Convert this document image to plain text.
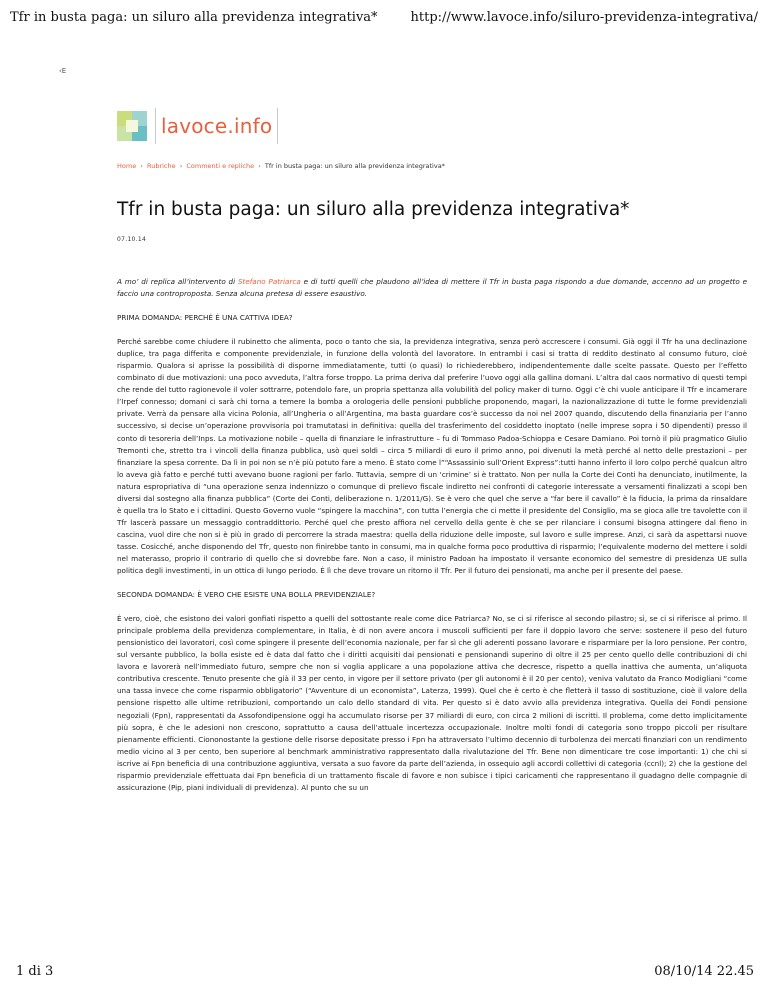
Tfr in busta paga: un siluro alla previdenza integrativa*	http://www.lavoce.info/siluro-previdenza-integrativa/
‹E
lavoce.info
Home › Rubriche › Commenti e repliche › Tfr in busta paga: un siluro alla previdenza integrativa*
Tfr in busta paga: un siluro alla previdenza integrativa*
07.10.14

A mo’ di replica all’intervento di Stefano Patriarca e di tutti quelli che plaudono all’idea di mettere il Tfr in busta paga rispondo a due domande, accenno ad un progetto e faccio una controproposta. Senza alcuna pretesa di essere esaustivo.

PRIMA DOMANDA: PERCHÉ È UNA CATTIVA IDEA?

Perché sarebbe come chiudere il rubinetto che alimenta, poco o tanto che sia, la previdenza integrativa, senza però accrescere i consumi. Già oggi il Tfr ha una declinazione duplice, tra paga differita e componente previdenziale, in funzione della volontà del lavoratore. In entrambi i casi si tratta di reddito destinato al consumo futuro, cioè risparmio. Qualora si aprisse la possibilità di disporne immediatamente, tutti (o quasi) lo richiederebbero, indipendentemente dalle scelte passate. Questo per l’effetto combinato di due motivazioni: una poco avveduta, l’altra forse troppo. La prima deriva dal preferire l’uovo oggi alla gallina domani. L’altra dal caos normativo di questi tempi che rende del tutto ragionevole il voler sottrarre, potendolo fare, un propria spettanza alla volubilità del policy maker di turno. Oggi c’è chi vuole anticipare il Tfr e incamerare l’Irpef connesso; domani ci sarà chi torna a temere la bomba a orologeria delle pensioni pubbliche proponendo, magari, la nazionalizzazione di tutte le forme previdenziali private. Verrà da pensare alla vicina Polonia, all’Ungheria o all’Argentina, ma basta guardare cos’è successo da noi nel 2007 quando, discutendo della finanziaria per l’anno successivo, si decise un’operazione provvisoria poi tramutatasi in definitiva: quella del trasferimento del cosiddetto inoptato (nelle imprese sopra i 50 dipendenti) presso il conto di tesoreria dell’Inps. La motivazione nobile – quella di finanziare le infrastrutture – fu di Tommaso Padoa-Schioppa e Cesare Damiano. Poi tornò il più pragmatico Giulio Tremonti che, stretto tra i vincoli della finanza pubblica, usò quei soldi – circa 5 miliardi di euro il primo anno, poi divenuti la metà perché al netto delle prestazioni – per finanziare la spesa corrente. Da lì in poi non se n’è più potuto fare a meno. È stato come l”“Assassinio sull’Orient Express”:tutti hanno inferto il loro colpo perché qualcun altro lo aveva già fatto e perché tutti avevano buone ragioni per farlo. Tuttavia, sempre di un ‘crimine’ si è trattato. Non per nulla la Corte dei Conti ha denunciato, inutilmente, la natura espropriativa di “una operazione senza indennizzo o comunque di prelievo fiscale indiretto nei confronti di categorie interessate a versamenti finalizzati a scopi ben diversi dal sostegno alla finanza pubblica” (Corte dei Conti, deliberazione n. 1/2011/G). Se è vero che quel che serve a “far bere il cavallo” è la fiducia, la prima da rinsaldare è quella tra lo Stato e i cittadini. Questo Governo vuole “spingere la macchina”, con tutta l’energia che ci mette il presidente del Consiglio, ma se gioca alle tre tavolette con il Tfr lascerà passare un messaggio contraddittorio. Perché quel che presto affiora nel cervello della gente è che se per rilanciare i consumi bisogna attingere dal fieno in cascina, vuol dire che non si è più in grado di percorrere la strada maestra: quella della riduzione delle imposte, sul lavoro e sulle imprese. Anzi, ci sarà da aspettarsi nuove tasse. Cosicché, anche disponendo del Tfr, questo non finirebbe tanto in consumi, ma in qualche forma poco produttiva di risparmio; l’equivalente moderno del mettere i soldi nel materasso, proprio il contrario di quello che si dovrebbe fare. Non a caso, il ministro Padoan ha impostato il versante economico del semestre di presidenza UE sulla politica degli investimenti, in un ottica di lungo periodo. È lì che deve trovare un ritorno il Tfr. Per il futuro dei pensionati, ma anche per il presente del paese.

SECONDA DOMANDA: È VERO CHE ESISTE UNA BOLLA PREVIDENZIALE?

È vero, cioè, che esistono dei valori gonfiati rispetto a quelli del sottostante reale come dice Patriarca? No, se ci si riferisce al secondo pilastro; sì, se ci si riferisce al primo. Il principale problema della previdenza complementare, in Italia, è di non avere ancora i muscoli sufficienti per fare il doppio lavoro che serve: sostenere il peso del futuro pensionistico dei lavoratori, così come spingere il presente dell’economia nazionale, per far sì che gli aderenti possano lavorare e risparmiare per la loro pensione. Per contro, sul versante pubblico, la bolla esiste ed è data dal fatto che i diritti acquisiti dai pensionati e pensionandi superino di oltre il 25 per cento quello delle contribuzioni di chi lavora e lavorerà nell’immediato futuro, sempre che non si voglia applicare a una popolazione attiva che decresce, rispetto a quella inattiva che aumenta, un’aliquota contributiva crescente. Tenuto presente che già il 33 per cento, in vigore per il settore privato (per gli autonomi è il 20 per cento), veniva valutato da Franco Modigliani “come una tassa invece che come risparmio obbligatorio” (“Avventure di un economista”, Laterza, 1999). Quel che è certo è che fletterà il tasso di sostituzione, cioè il valore della pensione rispetto alle ultime retribuzioni, comportando un calo dello standard di vita. Per questo si è dato avvio alla previdenza integrativa. Quella dei Fondi pensione negoziali (Fpn), rappresentati da Assofondipensione oggi ha accumulato risorse per 37 miliardi di euro, con circa 2 milioni di iscritti. Il problema, come detto implicitamente più sopra, è che le adesioni non crescono, soprattutto a causa dell’attuale incertezza occupazionale. Inoltre molti fondi di categoria sono troppo piccoli per risultare pienamente efficienti. Ciononostante la gestione delle risorse depositate presso i Fpn ha attraversato l’ultimo decennio di turbolenza dei mercati finanziari con un rendimento medio vicino al 3 per cento, ben superiore al benchmark amministrativo rappresentato dalla rivalutazione del Tfr. Bene non dimenticare tre cose importanti: 1) che chi si iscrive ai Fpn beneficia di una contribuzione aggiuntiva, versata a suo favore da parte dell’azienda, in ossequio agli accordi collettivi di categoria (ccnl); 2) che la gestione del risparmio previdenziale effettuata dai Fpn beneficia di un trattamento fiscale di favore e non subisce i tipici caricamenti che rappresentano il guadagno delle compagnie di assicurazione (Pip, piani individuali di previdenza). Al punto che su un

1 di 3	08/10/14 22.45
